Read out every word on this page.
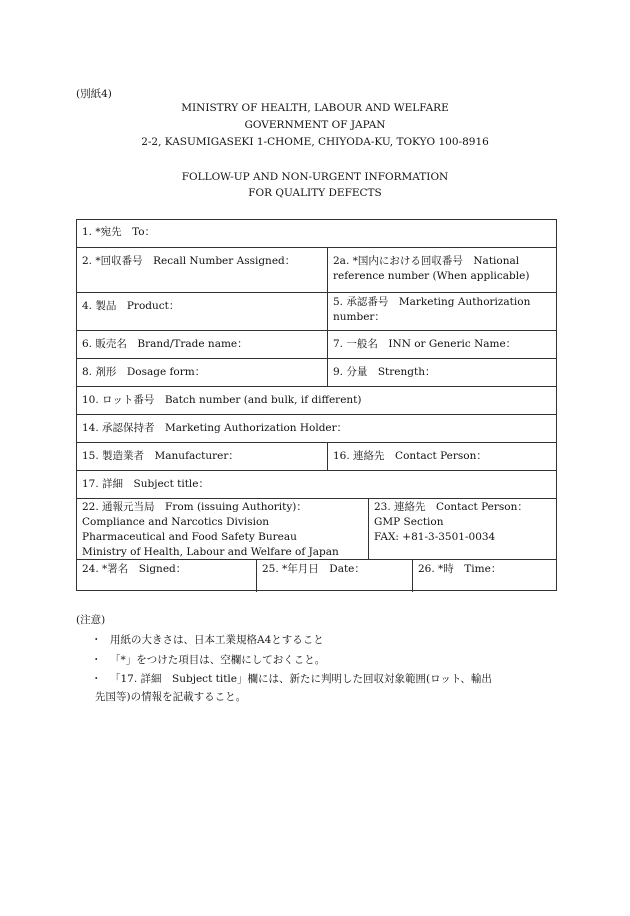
(別紙4)
MINISTRY OF HEALTH, LABOUR AND WELFARE
GOVERNMENT OF JAPAN
2-2, KASUMIGASEKI 1-CHOME, CHIYODA-KU, TOKYO 100-8916
FOLLOW-UP AND NON-URGENT INFORMATION
FOR QUALITY DEFECTS
1. *宛先　To：
2. *回収番号　Recall Number Assigned：	2a. *国内における回収番号　National
reference number (When applicable)
4. 製品　Product：	5. 承認番号　Marketing Authorization
number：
6. 販売名　Brand/Trade name：	7. 一般名　INN or Generic Name：
8. 剤形　Dosage form：	9. 分量　Strength：
10. ロット番号　Batch number (and bulk, if different)
14. 承認保持者　Marketing Authorization Holder：
15. 製造業者　Manufacturer：	16. 連絡先　Contact Person：
17. 詳細　Subject title：
22. 通報元当局　From (issuing Authority)：
Compliance and Narcotics Division
Pharmaceutical and Food Safety Bureau
Ministry of Health, Labour and Welfare of Japan
23. 連絡先　Contact Person：
GMP Section
FAX: +81-3-3501-0034
24. *署名　Signed：	25. *年月日　Date：	26. *時　Time：
(注意)
・ 用紙の大きさは、日本工業規格A4とすること
・ 「*」をつけた項目は、空欄にしておくこと。
・ 「17. 詳細　Subject title」欄には、新たに判明した回収対象範囲(ロット、輸出
先国等)の情報を記載すること。
